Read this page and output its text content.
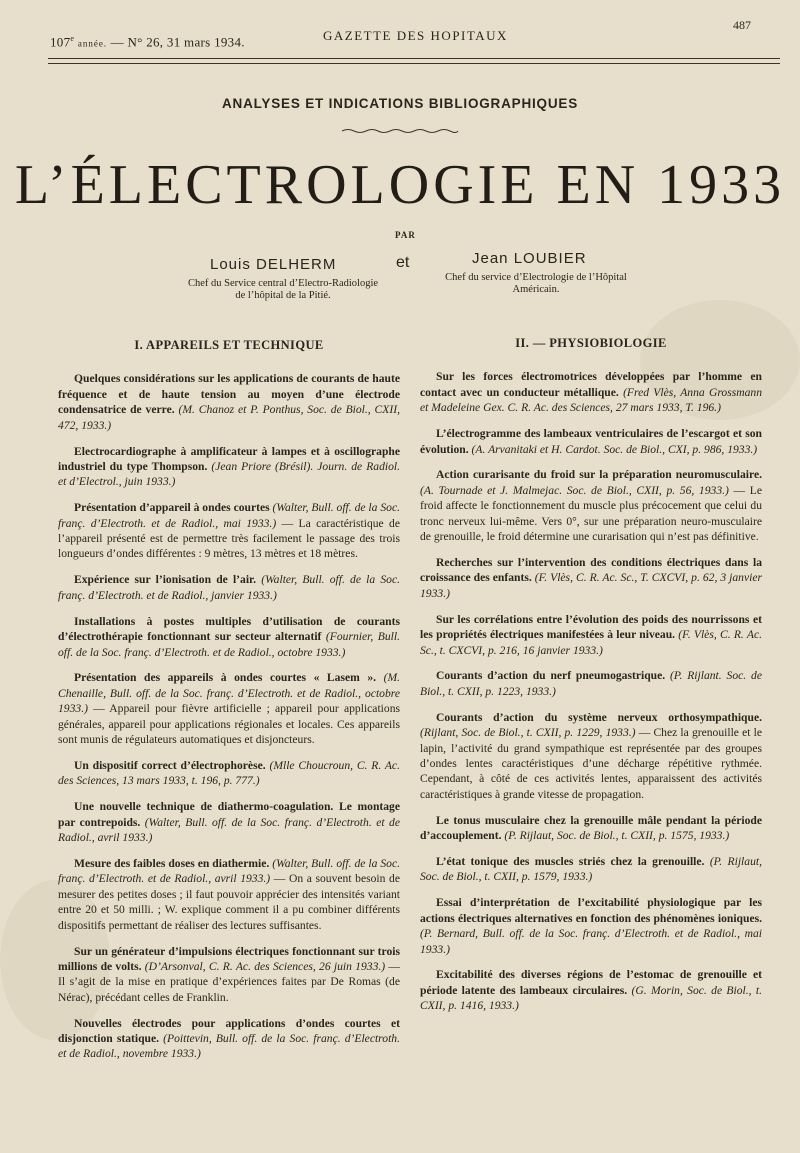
107e année. — N° 26, 31 mars 1934.	GAZETTE DES HOPITAUX
487
ANALYSES ET INDICATIONS BIBLIOGRAPHIQUES
L’ÉLECTROLOGIE EN 1933
PAR
Louis DELHERM	et	Jean LOUBIER
Chef du Service central d’Electro-Radiologie
de l’hôpital de la Pitié.
Chef du service d’Electrologie de l’Hôpital
Américain.
I. APPAREILS ET TECHNIQUE

Quelques considérations sur les applications de courants de haute fréquence et de haute tension au moyen d’une électrode condensatrice de verre. (M. Chanoz et P. Ponthus, Soc. de Biol., CXII, 472, 1933.)

Electrocardiographe à amplificateur à lampes et à oscillographe industriel du type Thompson. (Jean Priore (Brésil). Journ. de Radiol. et d’Electrol., juin 1933.)

Présentation d’appareil à ondes courtes (Walter, Bull. off. de la Soc. franç. d’Electroth. et de Radiol., mai 1933.) — La caractéristique de l’appareil présenté est de permettre très facilement le passage des trois longueurs d’ondes différentes : 9 mètres, 13 mètres et 18 mètres.

Expérience sur l’ionisation de l’air. (Walter, Bull. off. de la Soc. franç. d’Electroth. et de Radiol., janvier 1933.)

Installations à postes multiples d’utilisation de courants d’électrothérapie fonctionnant sur secteur alternatif (Fournier, Bull. off. de la Soc. franç. d’Electroth. et de Radiol., octobre 1933.)

Présentation des appareils à ondes courtes « Lasem ». (M. Chenaille, Bull. off. de la Soc. franç. d’Electroth. et de Radiol., octobre 1933.) — Appareil pour fièvre artificielle ; appareil pour applications générales, appareil pour applications régionales et locales. Ces appareils sont munis de régulateurs automatiques et disjoncteurs.

Un dispositif correct d’électrophorèse. (Mlle Choucroun, C. R. Ac. des Sciences, 13 mars 1933, t. 196, p. 777.)

Une nouvelle technique de diathermo-coagulation. Le montage par contrepoids. (Walter, Bull. off. de la Soc. franç. d’Electroth. et de Radiol., avril 1933.)

Mesure des faibles doses en diathermie. (Walter, Bull. off. de la Soc. franç. d’Electroth. et de Radiol., avril 1933.) — On a souvent besoin de mesurer des petites doses ; il faut pouvoir apprécier des intensités variant entre 20 et 50 milli. ; W. explique comment il a pu combiner différents dispositifs permettant de réaliser des lectures suffisantes.

Sur un générateur d’impulsions électriques fonctionnant sur trois millions de volts. (D’Arsonval, C. R. Ac. des Sciences, 26 juin 1933.) — Il s’agit de la mise en pratique d’expériences faites par De Romas (de Nérac), précédant celles de Franklin.

Nouvelles électrodes pour applications d’ondes courtes et disjonction statique. (Poittevin, Bull. off. de la Soc. franç. d’Electroth. et de Radiol., novembre 1933.)

II. — PHYSIOBIOLOGIE

Sur les forces électromotrices développées par l’homme en contact avec un conducteur métallique. (Fred Vlès, Anna Grossmann et Madeleine Gex. C. R. Ac. des Sciences, 27 mars 1933, T. 196.)

L’électrogramme des lambeaux ventriculaires de l’escargot et son évolution. (A. Arvanitaki et H. Cardot. Soc. de Biol., CXI, p. 986, 1933.)

Action curarisante du froid sur la préparation neuromusculaire. (A. Tournade et J. Malmejac. Soc. de Biol., CXII, p. 56, 1933.) — Le froid affecte le fonctionnement du muscle plus précocement que celui du tronc nerveux lui-même. Vers 0°, sur une préparation neuro-musculaire de grenouille, le froid détermine une curarisation qui n’est pas définitive.

Recherches sur l’intervention des conditions électriques dans la croissance des enfants. (F. Vlès, C. R. Ac. Sc., T. CXCVI, p. 62, 3 janvier 1933.)

Sur les corrélations entre l’évolution des poids des nourrissons et les propriétés électriques manifestées à leur niveau. (F. Vlès, C. R. Ac. Sc., t. CXCVI, p. 216, 16 janvier 1933.)

Courants d’action du nerf pneumogastrique. (P. Rijlant. Soc. de Biol., t. CXII, p. 1223, 1933.)

Courants d’action du système nerveux orthosympathique. (Rijlant, Soc. de Biol., t. CXII, p. 1229, 1933.) — Chez la grenouille et le lapin, l’activité du grand sympathique est représentée par des groupes d’ondes lentes caractéristiques d’une décharge répétitive rythmée. Cependant, à côté de ces activités lentes, apparaissent des activités caractéristiques à grande vitesse de propagation.

Le tonus musculaire chez la grenouille mâle pendant la période d’accouplement. (P. Rijlaut, Soc. de Biol., t. CXII, p. 1575, 1933.)

L’état tonique des muscles striés chez la grenouille. (P. Rijlaut, Soc. de Biol., t. CXII, p. 1579, 1933.)

Essai d’interprétation de l’excitabilité physiologique par les actions électriques alternatives en fonction des phénomènes ioniques. (P. Bernard, Bull. off. de la Soc. franç. d’Electroth. et de Radiol., mai 1933.)

Excitabilité des diverses régions de l’estomac de grenouille et période latente des lambeaux circulaires. (G. Morin, Soc. de Biol., t. CXII, p. 1416, 1933.)
